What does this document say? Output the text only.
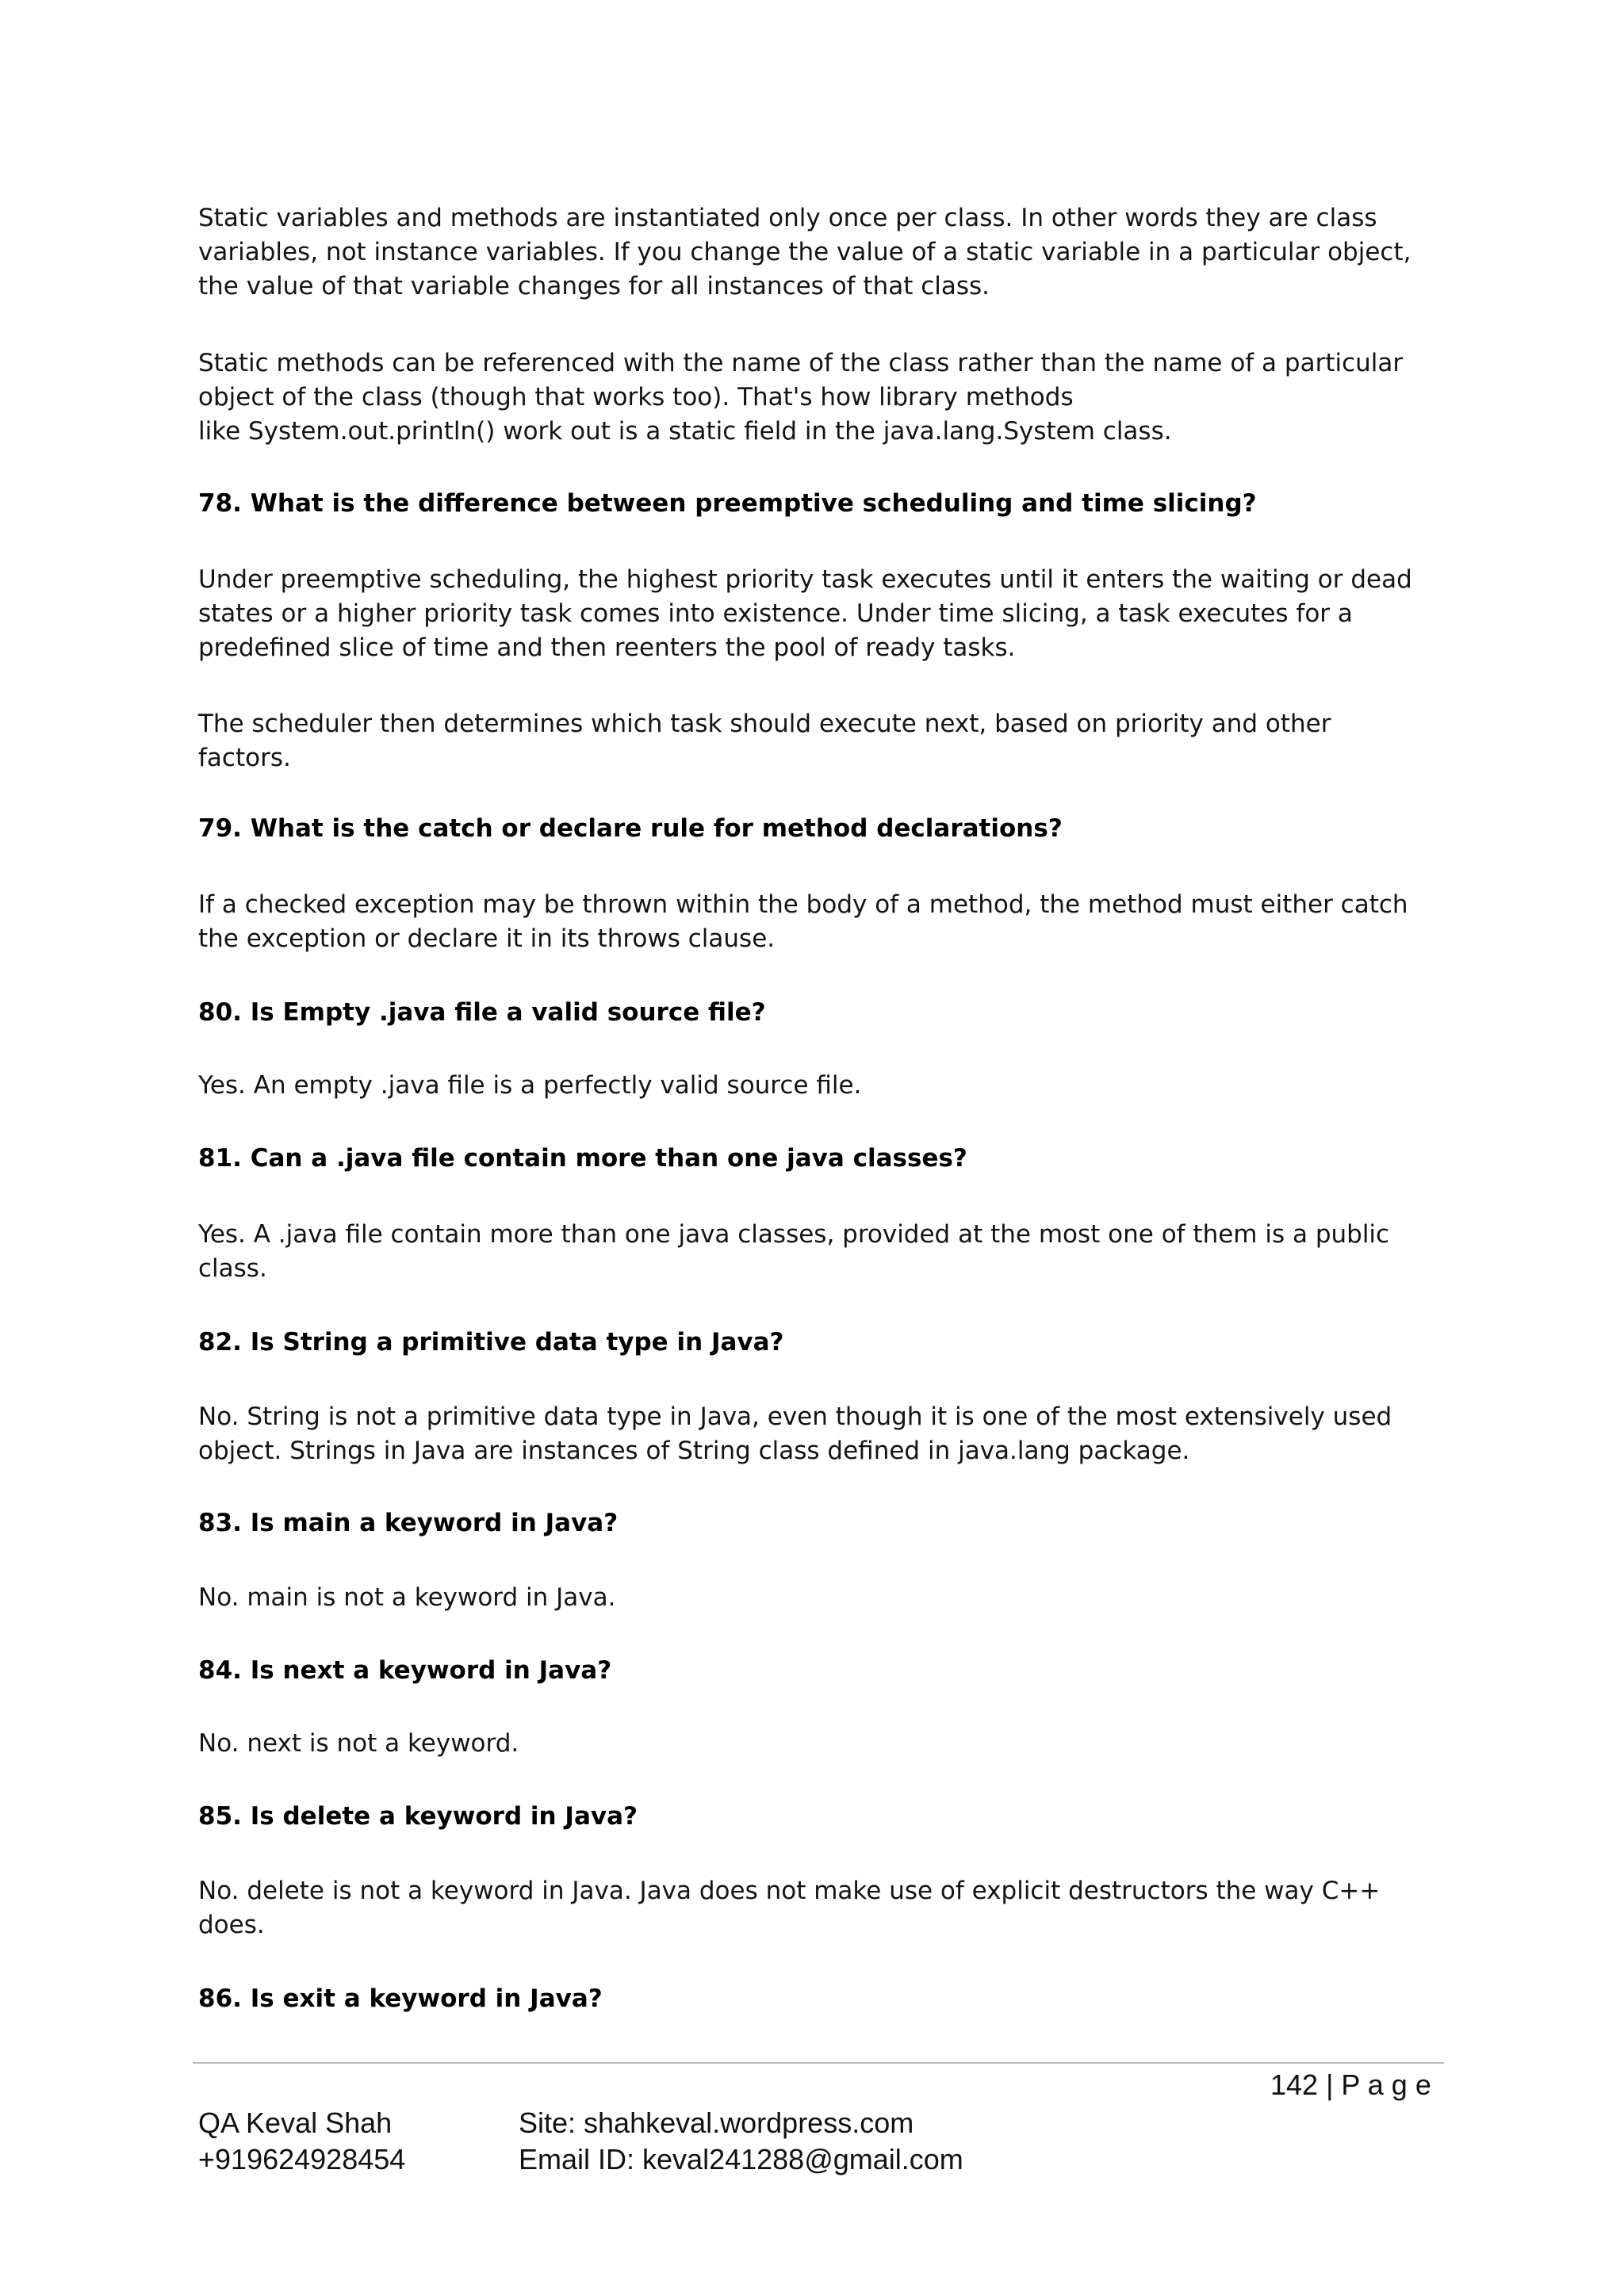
Static variables and methods are instantiated only once per class. In other words they are class
variables, not instance variables. If you change the value of a static variable in a particular object,
the value of that variable changes for all instances of that class.
Static methods can be referenced with the name of the class rather than the name of a particular
object of the class (though that works too). That's how library methods
like System.out.println() work out is a static field in the java.lang.System class.
78. What is the difference between preemptive scheduling and time slicing?
Under preemptive scheduling, the highest priority task executes until it enters the waiting or dead
states or a higher priority task comes into existence. Under time slicing, a task executes for a
predefined slice of time and then reenters the pool of ready tasks.
The scheduler then determines which task should execute next, based on priority and other
factors.
79. What is the catch or declare rule for method declarations?
If a checked exception may be thrown within the body of a method, the method must either catch
the exception or declare it in its throws clause.
80. Is Empty .java file a valid source file?
Yes. An empty .java file is a perfectly valid source file.
81. Can a .java file contain more than one java classes?
Yes. A .java file contain more than one java classes, provided at the most one of them is a public
class.
82. Is String a primitive data type in Java?
No. String is not a primitive data type in Java, even though it is one of the most extensively used
object. Strings in Java are instances of String class defined in java.lang package.
83. Is main a keyword in Java?
No. main is not a keyword in Java.
84. Is next a keyword in Java?
No. next is not a keyword.
85. Is delete a keyword in Java?
No. delete is not a keyword in Java. Java does not make use of explicit destructors the way C++
does.
86. Is exit a keyword in Java?
142 | P a g e
QA Keval Shah
+919624928454
Site: shahkeval.wordpress.com
Email ID: keval241288@gmail.com
